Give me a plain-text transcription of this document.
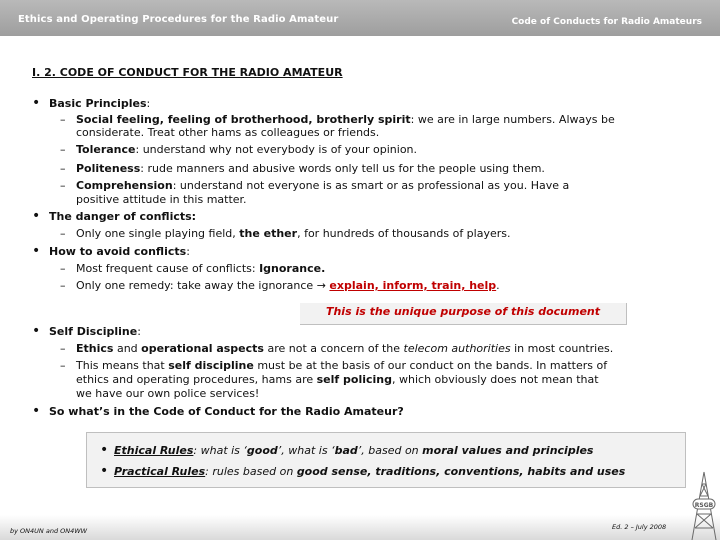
Ethics and Operating Procedures for the Radio Amateur	Code of Conducts for Radio Amateurs
I. 2. CODE OF CONDUCT FOR THE RADIO AMATEUR
• Basic Principles:
– Social feeling, feeling of brotherhood, brotherly spirit: we are in large numbers. Always be
considerate. Treat other hams as colleagues or friends.
– Tolerance: understand why not everybody is of your opinion.
– Politeness: rude manners and abusive words only tell us for the people using them.
– Comprehension: understand not everyone is as smart or as professional as you. Have a
positive attitude in this matter.
• The danger of conflicts:
– Only one single playing field, the ether, for hundreds of thousands of players.
• How to avoid conflicts:
– Most frequent cause of conflicts: Ignorance.
– Only one remedy: take away the ignorance → explain, inform, train, help.
This is the unique purpose of this document
• Self Discipline:
– Ethics and operational aspects are not a concern of the telecom authorities in most countries.
– This means that self discipline must be at the basis of our conduct on the bands. In matters of
ethics and operating procedures, hams are self policing, which obviously does not mean that
we have our own police services!
• So what’s in the Code of Conduct for the Radio Amateur?
• Ethical Rules: what is ‘good’, what is ‘bad’, based on moral values and principles
• Practical Rules: rules based on good sense, traditions, conventions, habits and uses
by ON4UN and ON4WW	Ed. 2 – July 2008
RSGB
